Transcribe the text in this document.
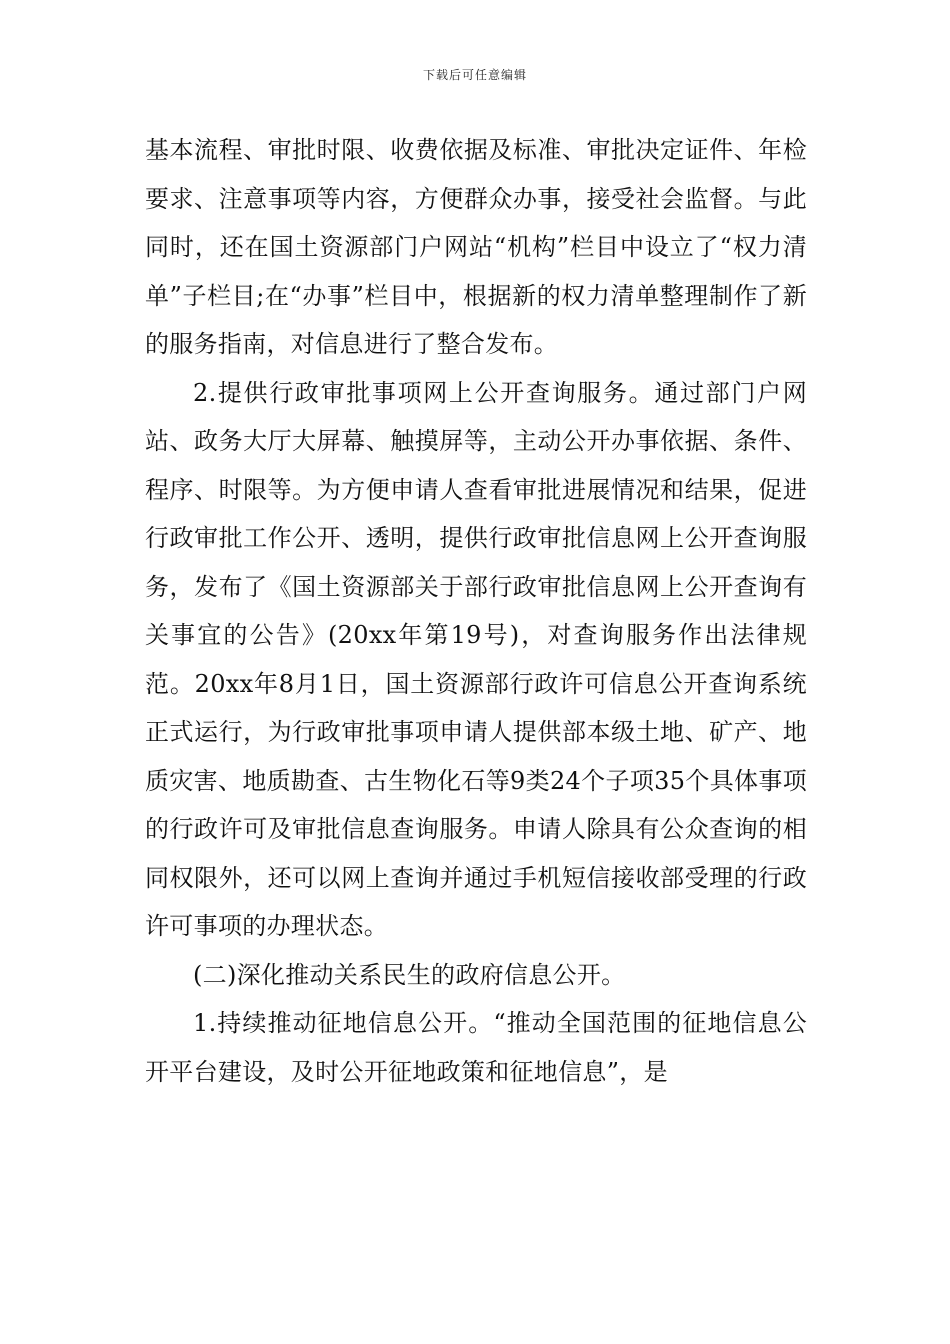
下载后可任意编辑

基本流程、审批时限、收费依据及标准、审批决定证件、年检要求、注意事项等内容，方便群众办事，接受社会监督。与此同时，还在国土资源部门户网站“机构”栏目中设立了“权力清单”子栏目;在“办事”栏目中，根据新的权力清单整理制作了新的服务指南，对信息进行了整合发布。

2.提供行政审批事项网上公开查询服务。通过部门户网站、政务大厅大屏幕、触摸屏等，主动公开办事依据、条件、程序、时限等。为方便申请人查看审批进展情况和结果，促进行政审批工作公开、透明，提供行政审批信息网上公开查询服务，发布了《国土资源部关于部行政审批信息网上公开查询有关事宜的公告》(20xx年第19号)，对查询服务作出法律规范。20xx年8月1日，国土资源部行政许可信息公开查询系统正式运行，为行政审批事项申请人提供部本级土地、矿产、地质灾害、地质勘查、古生物化石等9类24个子项35个具体事项的行政许可及审批信息查询服务。申请人除具有公众查询的相同权限外，还可以网上查询并通过手机短信接收部受理的行政许可事项的办理状态。

(二)深化推动关系民生的政府信息公开。

1.持续推动征地信息公开。“推动全国范围的征地信息公开平台建设，及时公开征地政策和征地信息”，是
